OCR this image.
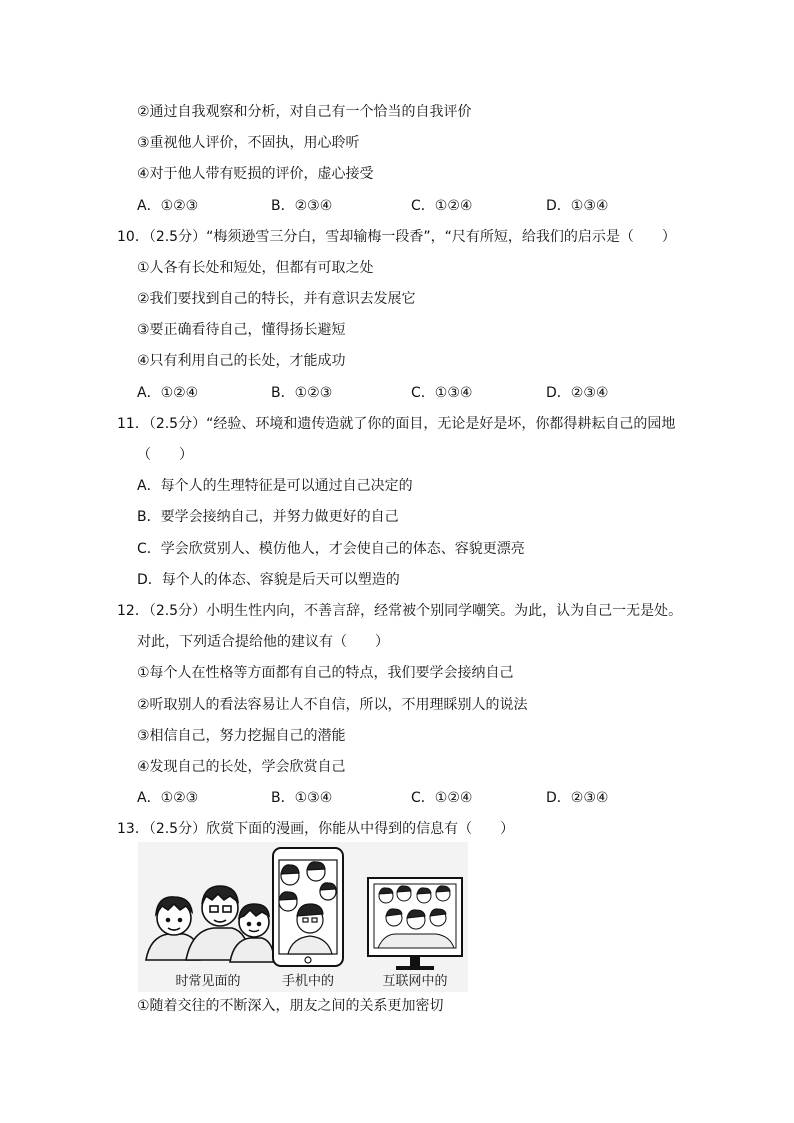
②通过自我观察和分析，对自己有一个恰当的自我评价
③重视他人评价，不固执，用心聆听
④对于他人带有贬损的评价，虚心接受
A．①②③	B．②③④	C．①②④	D．①③④
10．（2.5分）“梅须逊雪三分白，雪却输梅一段香”，“尺有所短，给我们的启示是（　　）
①人各有长处和短处，但都有可取之处
②我们要找到自己的特长，并有意识去发展它
③要正确看待自己，懂得扬长避短
④只有利用自己的长处，才能成功
A．①②④	B．①②③	C．①③④	D．②③④
11．（2.5分）“经验、环境和遗传造就了你的面目，无论是好是坏，你都得耕耘自己的园地
（　　）
A．每个人的生理特征是可以通过自己决定的
B．要学会接纳自己，并努力做更好的自己
C．学会欣赏别人、模仿他人，才会使自己的体态、容貌更漂亮
D．每个人的体态、容貌是后天可以塑造的
12．（2.5分）小明生性内向，不善言辞，经常被个别同学嘲笑。为此，认为自己一无是处。
对此，下列适合提给他的建议有（　　）
①每个人在性格等方面都有自己的特点，我们要学会接纳自己
②听取别人的看法容易让人不自信，所以，不用理睬别人的说法
③相信自己，努力挖掘自己的潜能
④发现自己的长处，学会欣赏自己
A．①②③	B．①③④	C．①②④	D．②③④
13．（2.5分）欣赏下面的漫画，你能从中得到的信息有（　　）
时常见面的	手机中的	互联网中的
①随着交往的不断深入，朋友之间的关系更加密切
